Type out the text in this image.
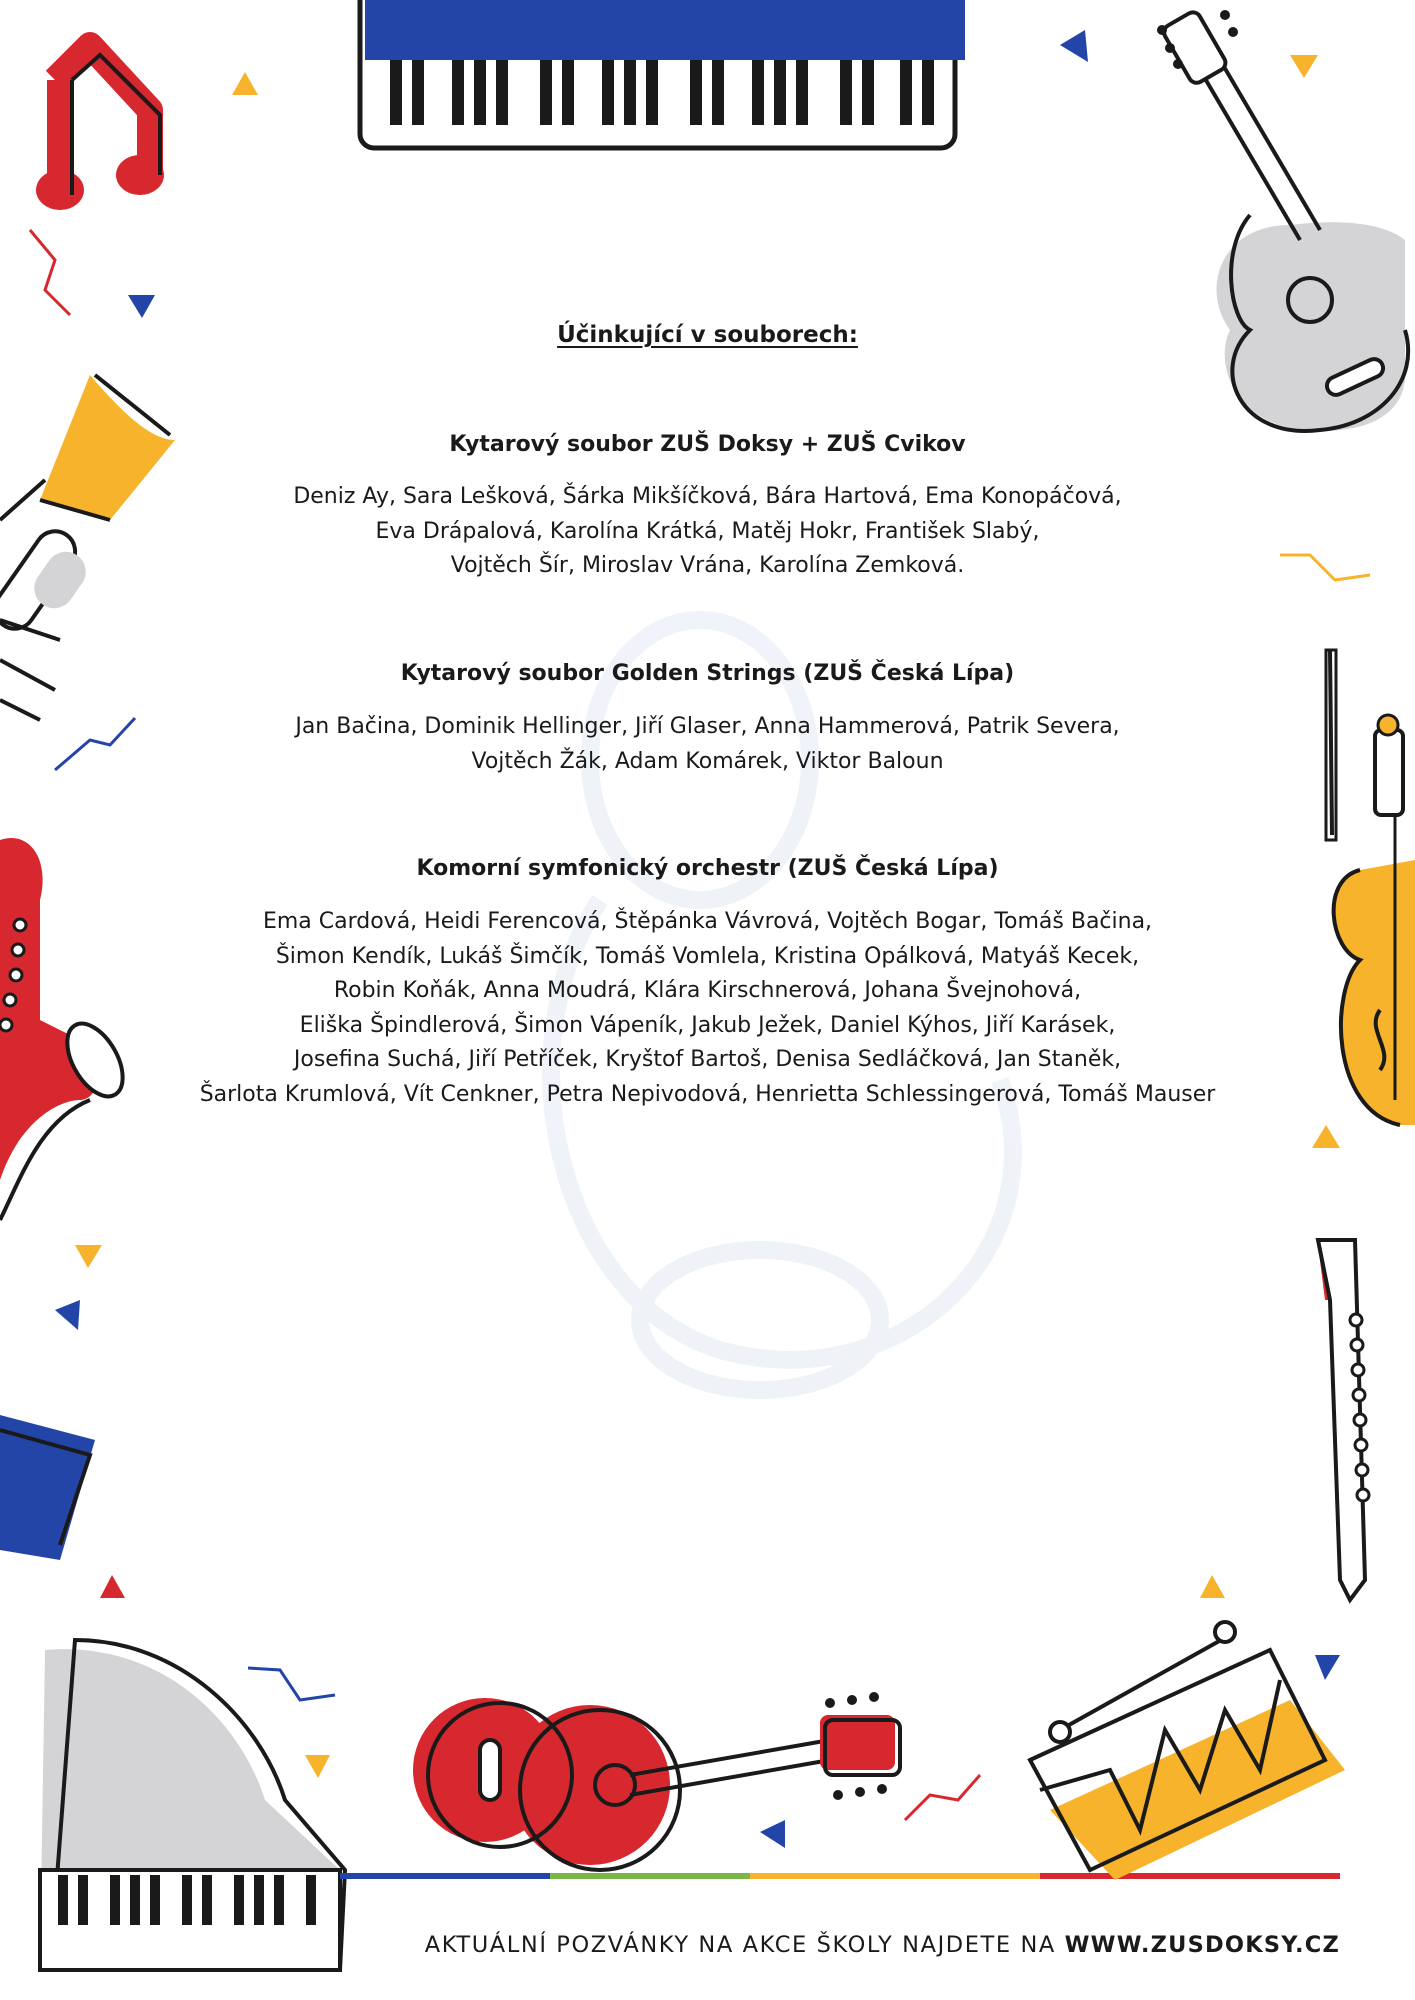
Účinkující v souborech:
Kytarový soubor ZUŠ Doksy + ZUŠ Cvikov
Deniz Ay, Sara Lešková, Šárka Mikšíčková, Bára Hartová, Ema Konopáčová,
Eva Drápalová, Karolína Krátká, Matěj Hokr, František Slabý,
Vojtěch Šír, Miroslav Vrána, Karolína Zemková.
Kytarový soubor Golden Strings (ZUŠ Česká Lípa)
Jan Bačina, Dominik Hellinger, Jiří Glaser, Anna Hammerová, Patrik Severa,
Vojtěch Žák, Adam Komárek, Viktor Baloun
Komorní symfonický orchestr (ZUŠ Česká Lípa)
Ema Cardová, Heidi Ferencová, Štěpánka Vávrová, Vojtěch Bogar, Tomáš Bačina,
Šimon Kendík, Lukáš Šimčík, Tomáš Vomlela, Kristina Opálková, Matyáš Kecek,
Robin Koňák, Anna Moudrá, Klára Kirschnerová, Johana Švejnohová,
Eliška Špindlerová, Šimon Vápeník, Jakub Ježek, Daniel Kýhos, Jiří Karásek,
Josefina Suchá, Jiří Petříček, Kryštof Bartoš, Denisa Sedláčková, Jan Staněk,
Šarlota Krumlová, Vít Cenkner, Petra Nepivodová, Henrietta Schlessingerová, Tomáš Mauser
AKTUÁLNÍ POZVÁNKY NA AKCE ŠKOLY NAJDETE NA WWW.ZUSDOKSY.CZ
